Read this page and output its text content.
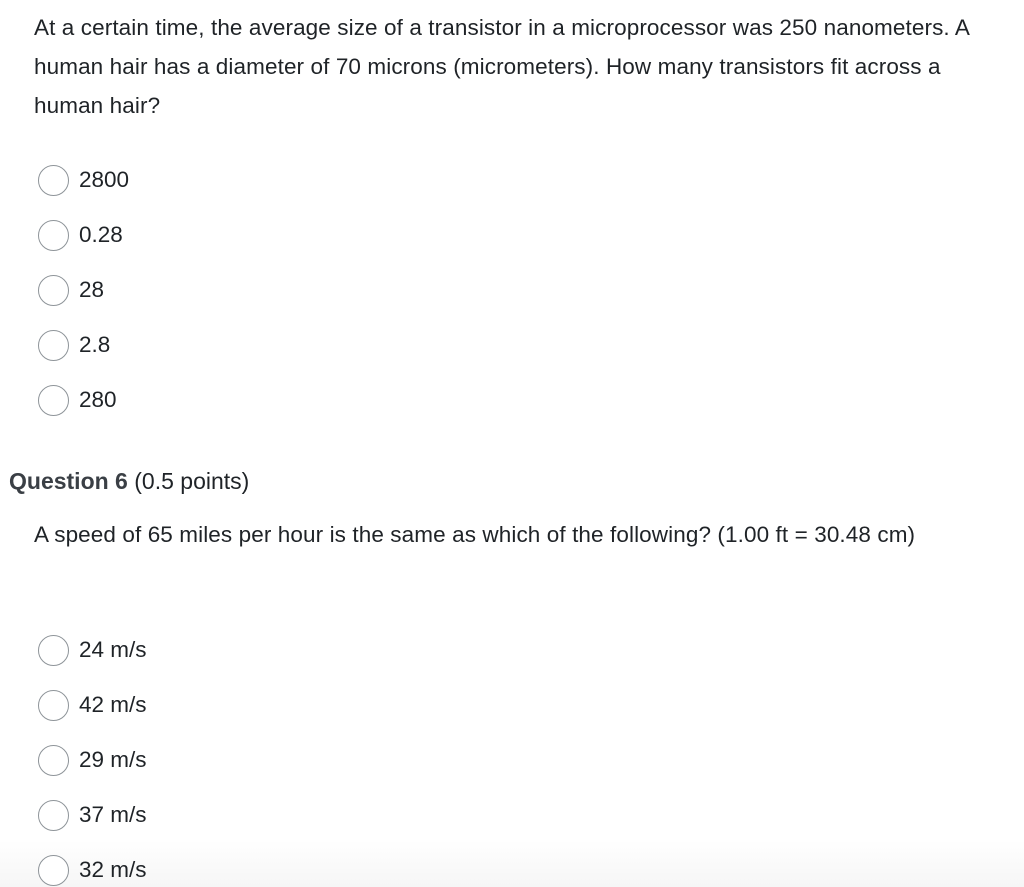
At a certain time, the average size of a transistor in a microprocessor was 250 nanometers. A human hair has a diameter of 70 microns (micrometers). How many transistors fit across a human hair?
2800
0.28
28
2.8
280
Question 6 (0.5 points)
A speed of 65 miles per hour is the same as which of the following? (1.00 ft = 30.48 cm)
24 m/s
42 m/s
29 m/s
37 m/s
32 m/s
